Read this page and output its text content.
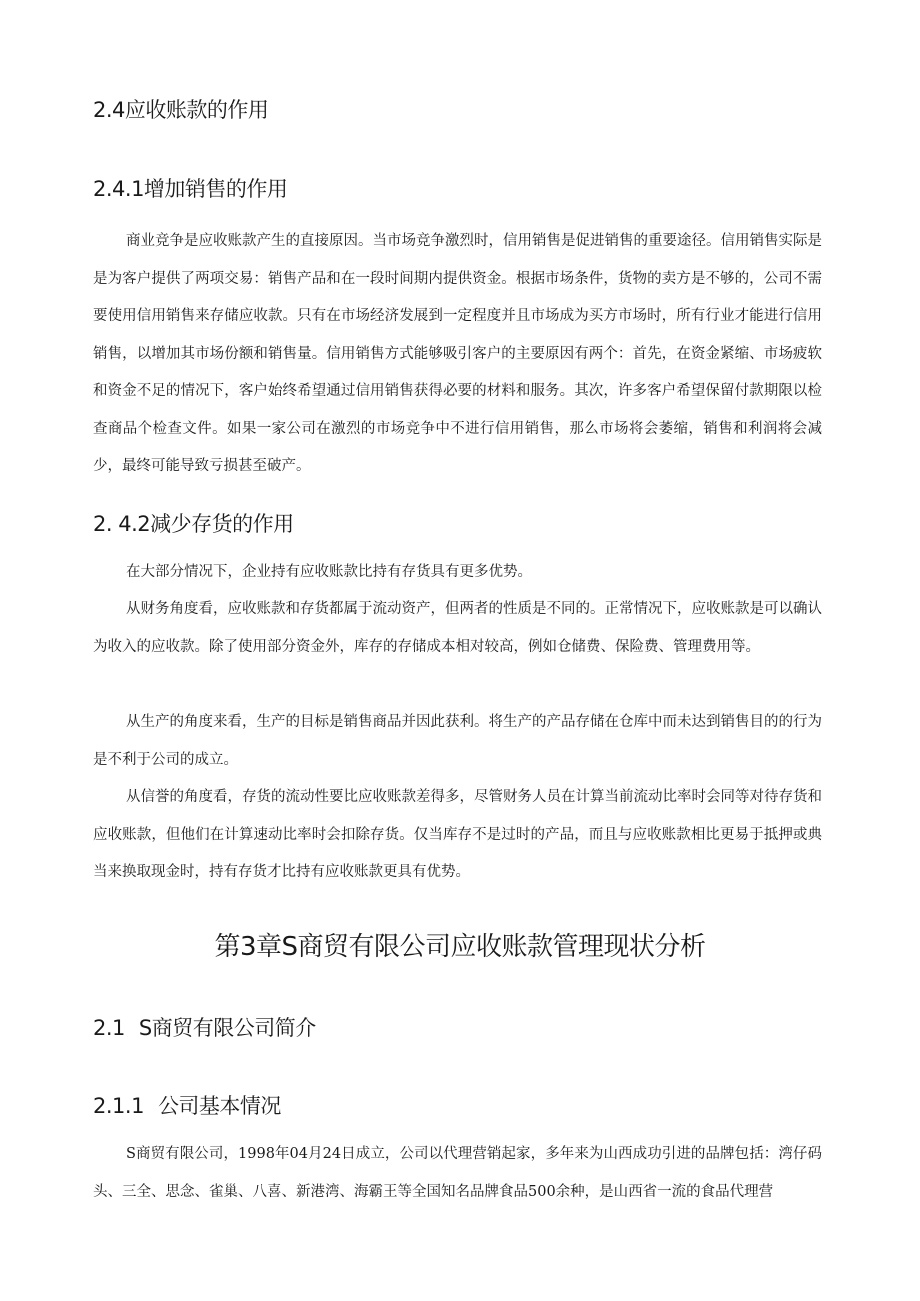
2.4应收账款的作用
2.4.1增加销售的作用

商业竞争是应收账款产生的直接原因。当市场竞争激烈时，信用销售是促进销售的重要途径。信用销售实际是是为客户提供了两项交易：销售产品和在一段时间期内提供资金。根据市场条件，货物的卖方是不够的，公司不需要使用信用销售来存储应收款。只有在市场经济发展到一定程度并且市场成为买方市场时，所有行业才能进行信用销售，以增加其市场份额和销售量。信用销售方式能够吸引客户的主要原因有两个：首先，在资金紧缩、市场疲软和资金不足的情况下，客户始终希望通过信用销售获得必要的材料和服务。其次，许多客户希望保留付款期限以检查商品个检查文件。如果一家公司在激烈的市场竞争中不进行信用销售，那么市场将会萎缩，销售和利润将会减少，最终可能导致亏损甚至破产。

2. 4.2减少存货的作用

在大部分情况下，企业持有应收账款比持有存货具有更多优势。

从财务角度看，应收账款和存货都属于流动资产，但两者的性质是不同的。正常情况下，应收账款是可以确认为收入的应收款。除了使用部分资金外，库存的存储成本相对较高，例如仓储费、保险费、管理费用等。

从生产的角度来看，生产的目标是销售商品并因此获利。将生产的产品存储在仓库中而未达到销售目的的行为是不利于公司的成立。

从信誉的角度看，存货的流动性要比应收账款差得多，尽管财务人员在计算当前流动比率时会同等对待存货和应收账款，但他们在计算速动比率时会扣除存货。仅当库存不是过时的产品，而且与应收账款相比更易于抵押或典当来换取现金时，持有存货才比持有应收账款更具有优势。

第3章S商贸有限公司应收账款管理现状分析
2.1 S商贸有限公司简介
2.1.1 公司基本情况

S商贸有限公司，1998年04月24日成立，公司以代理营销起家，多年来为山西成功引进的品牌包括：湾仔码头、三全、思念、雀巢、八喜、新港湾、海霸王等全国知名品牌食品500余种，是山西省一流的食品代理营
